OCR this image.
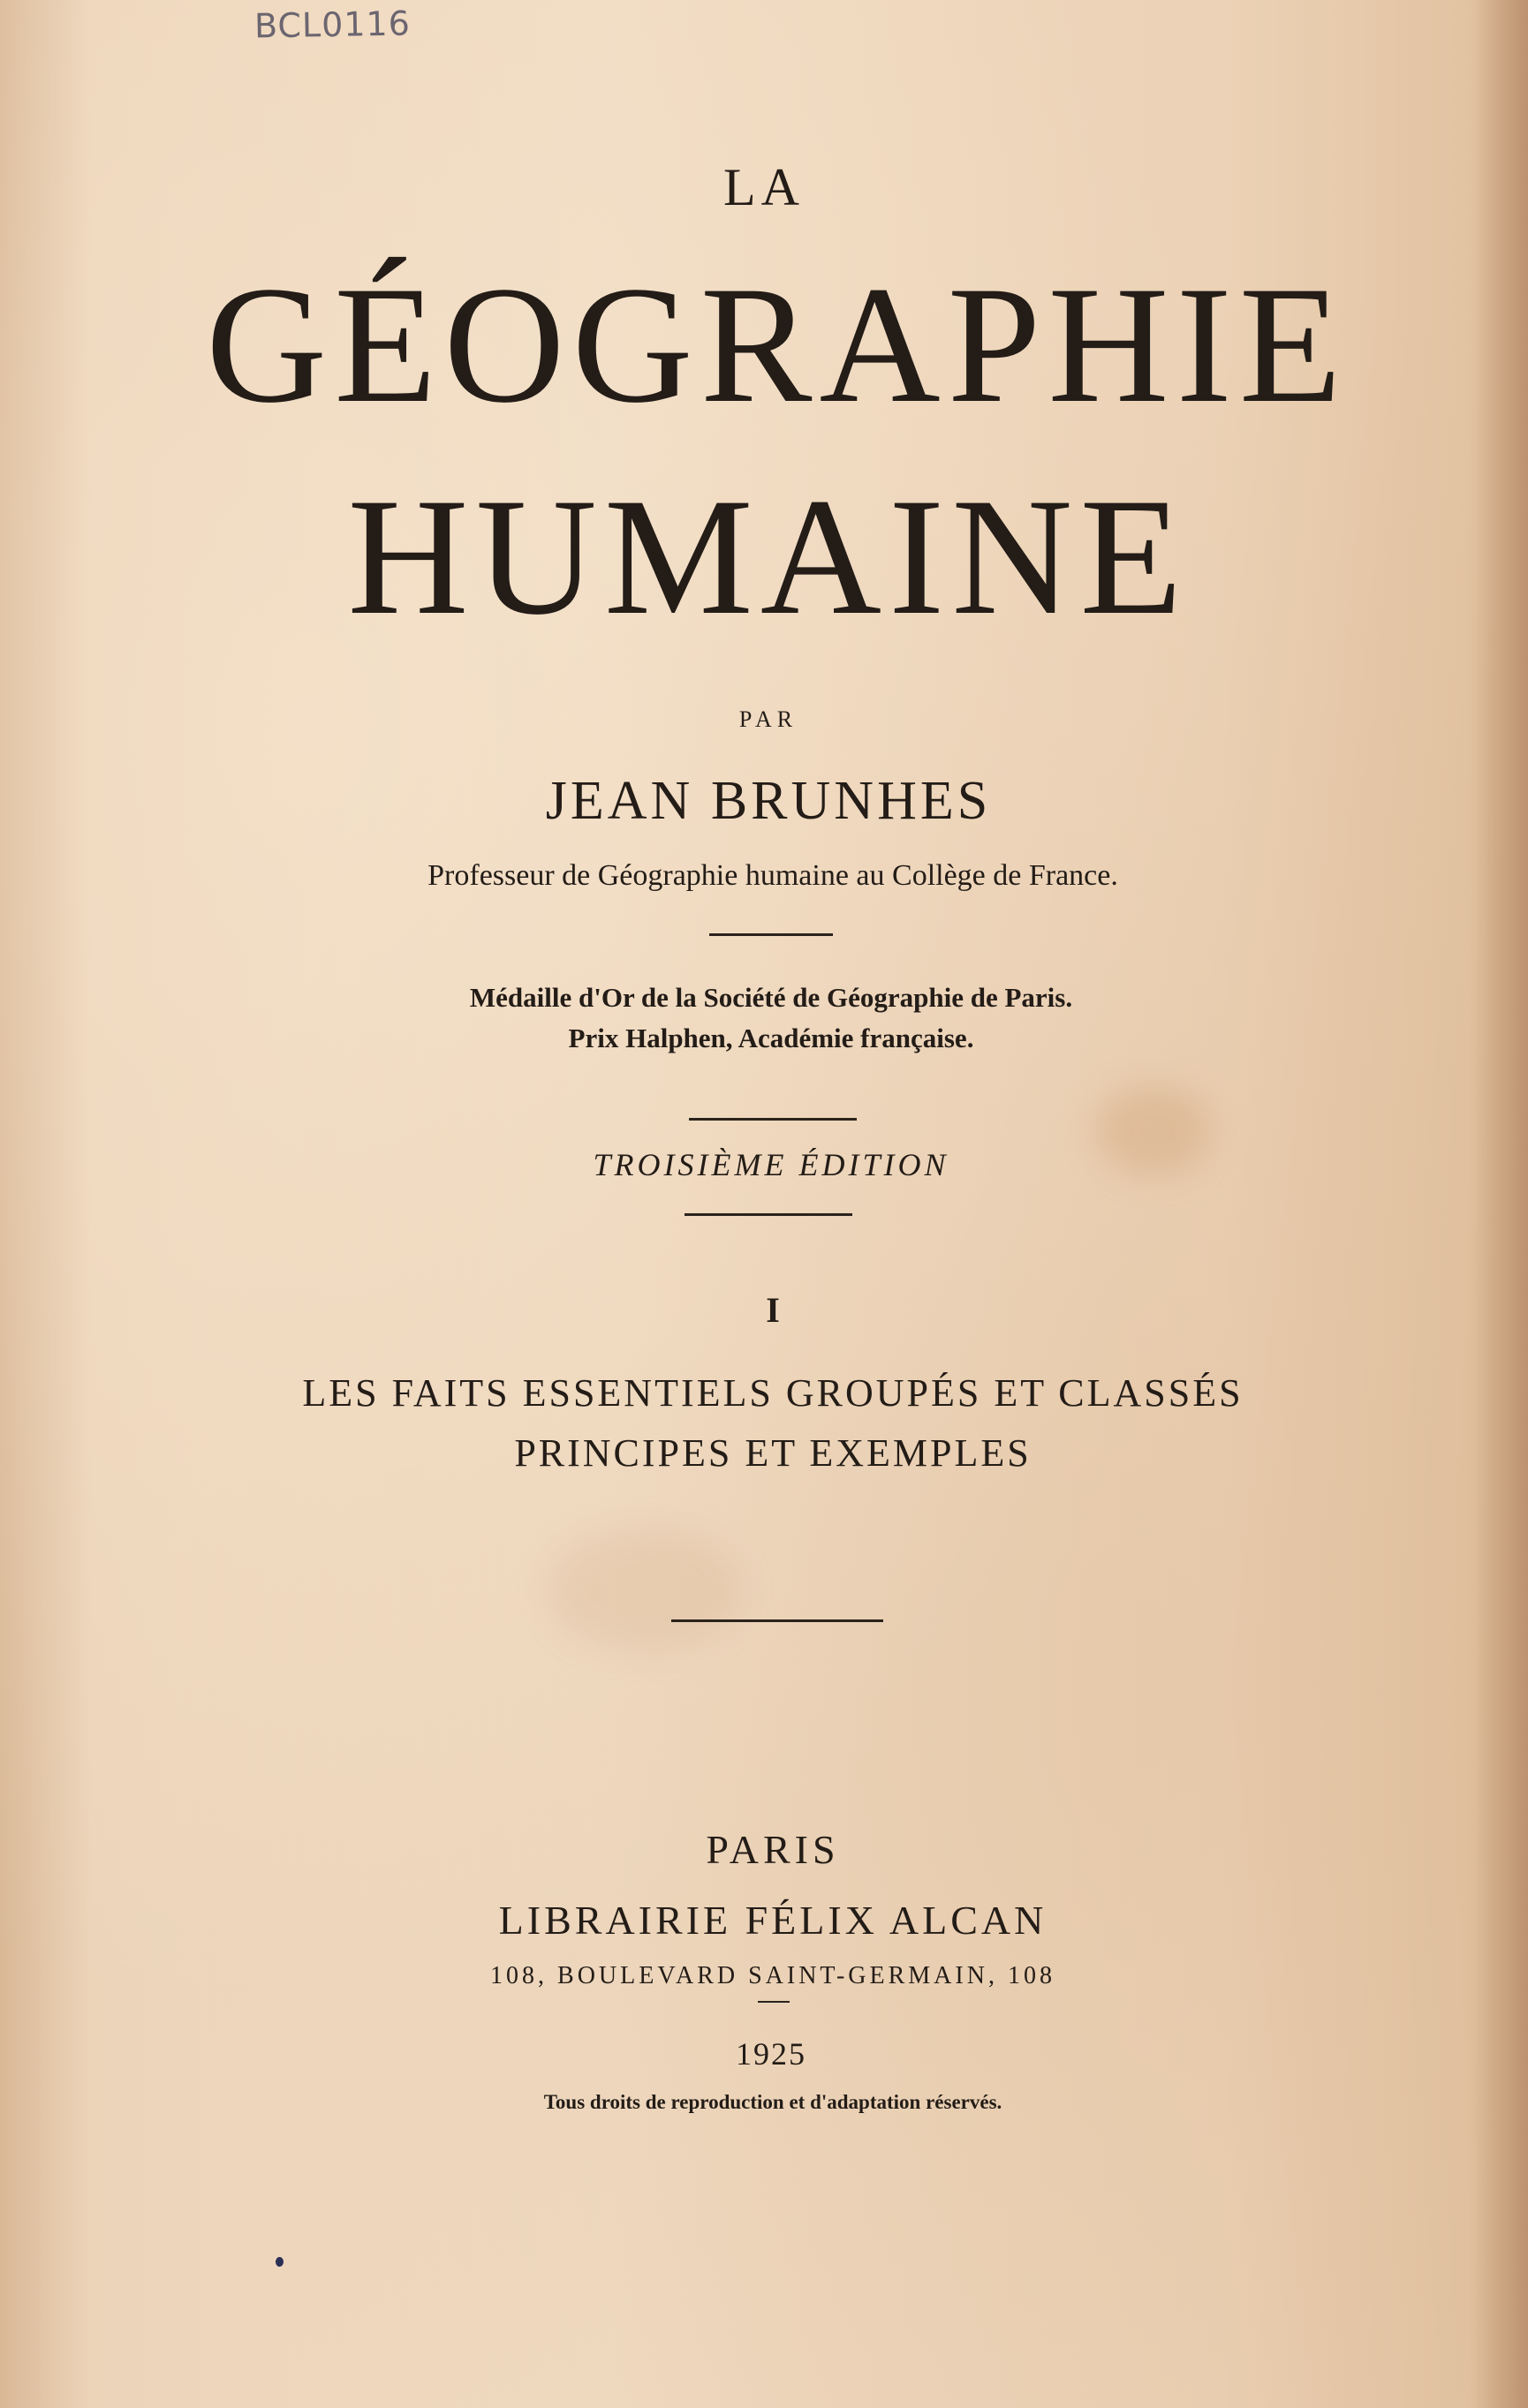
BCL0116
LA
GÉOGRAPHIE
HUMAINE
PAR
JEAN BRUNHES
Professeur de Géographie humaine au Collège de France.
Médaille d'Or de la Société de Géographie de Paris.
Prix Halphen, Académie française.
TROISIÈME ÉDITION
I
LES FAITS ESSENTIELS GROUPÉS ET CLASSÉS
PRINCIPES ET EXEMPLES
PARIS
LIBRAIRIE FÉLIX ALCAN
108, BOULEVARD SAINT-GERMAIN, 108
1925
Tous droits de reproduction et d'adaptation réservés.
